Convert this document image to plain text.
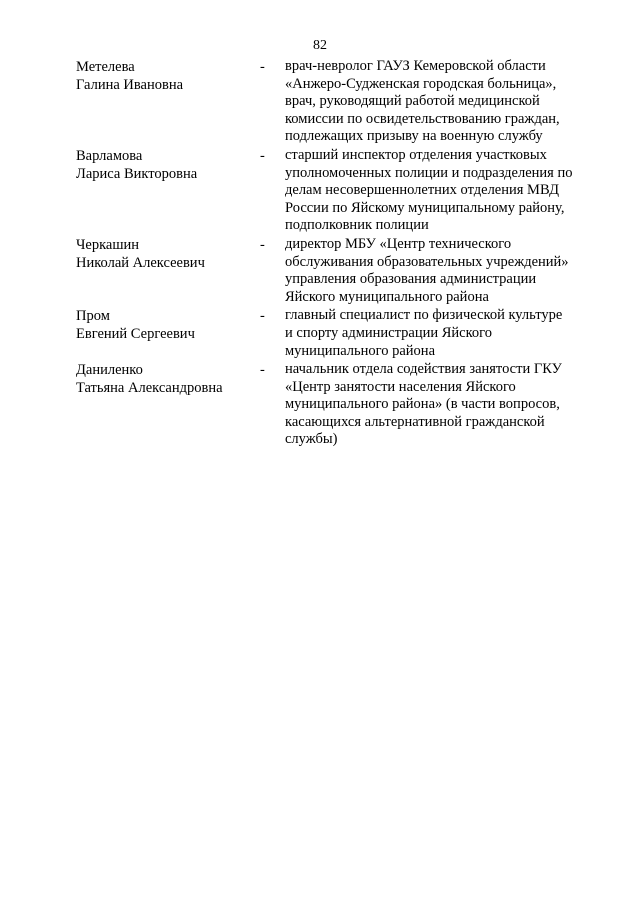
82
Метелева
Галина Ивановна
- врач-невролог ГАУЗ Кемеровской области
«Анжеро-Судженская городская больница»,
врач, руководящий работой медицинской
комиссии по освидетельствованию граждан,
подлежащих призыву на военную службу
Варламова
Лариса Викторовна
- старший инспектор отделения участковых
уполномоченных полиции и подразделения по
делам несовершеннолетних отделения МВД
России по Яйскому муниципальному району,
подполковник полиции
Черкашин
Николай Алексеевич
- директор МБУ «Центр технического
обслуживания образовательных учреждений»
управления образования администрации
Яйского муниципального района
Пром
Евгений Сергеевич
- главный специалист по физической культуре
и спорту администрации Яйского
муниципального района
Даниленко
Татьяна Александровна
- начальник отдела содействия занятости ГКУ
«Центр занятости населения Яйского
муниципального района» (в части вопросов,
касающихся альтернативной гражданской
службы)
